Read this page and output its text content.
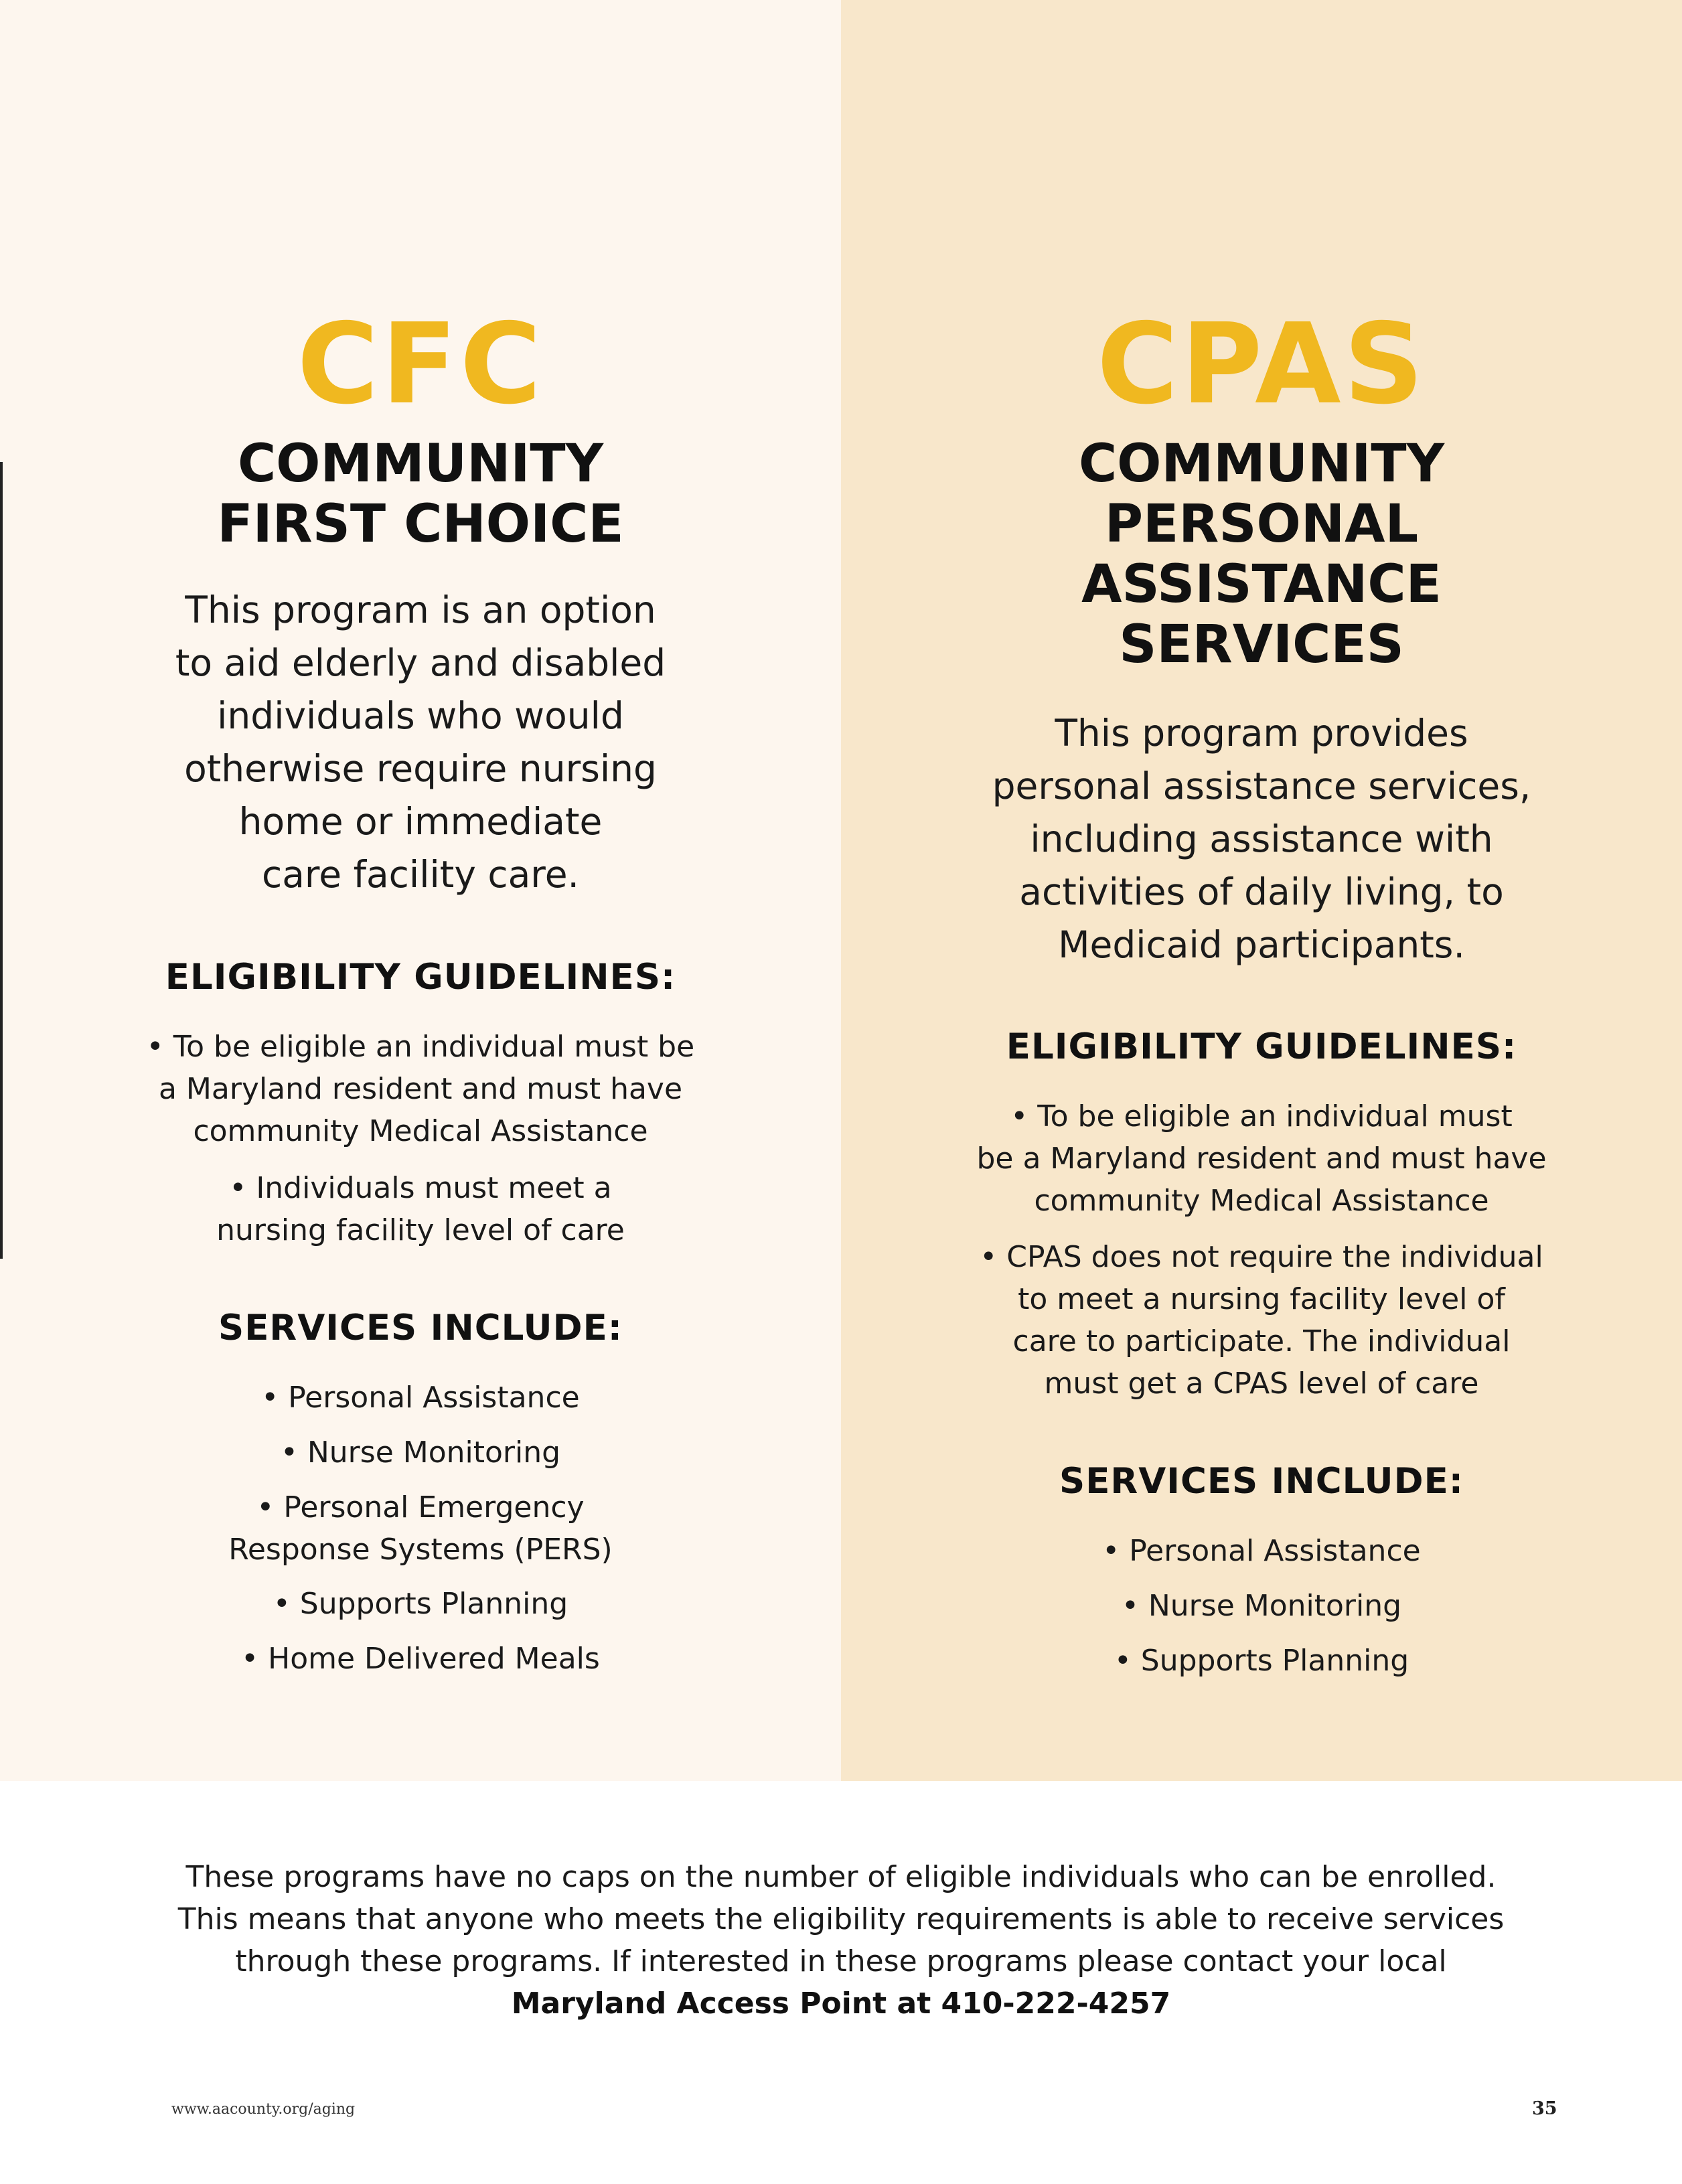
CFC
COMMUNITY
FIRST CHOICE

This program is an option
to aid elderly and disabled
individuals who would
otherwise require nursing
home or immediate
care facility care.

ELIGIBILITY GUIDELINES:
• To be eligible an individual must be
a Maryland resident and must have
community Medical Assistance
• Individuals must meet a
nursing facility level of care
SERVICES INCLUDE:
• Personal Assistance
• Nurse Monitoring
• Personal Emergency
Response Systems (PERS)
• Supports Planning
• Home Delivered Meals
CPAS
COMMUNITY
PERSONAL
ASSISTANCE
SERVICES

This program provides
personal assistance services,
including assistance with
activities of daily living, to
Medicaid participants.

ELIGIBILITY GUIDELINES:
• To be eligible an individual must
be a Maryland resident and must have
community Medical Assistance
• CPAS does not require the individual
to meet a nursing facility level of
care to participate. The individual
must get a CPAS level of care
SERVICES INCLUDE:
• Personal Assistance
• Nurse Monitoring
• Supports Planning
These programs have no caps on the number of eligible individuals who can be enrolled.
This means that anyone who meets the eligibility requirements is able to receive services
through these programs. If interested in these programs please contact your local
Maryland Access Point at 410-222-4257
www.aacounty.org/aging	35
